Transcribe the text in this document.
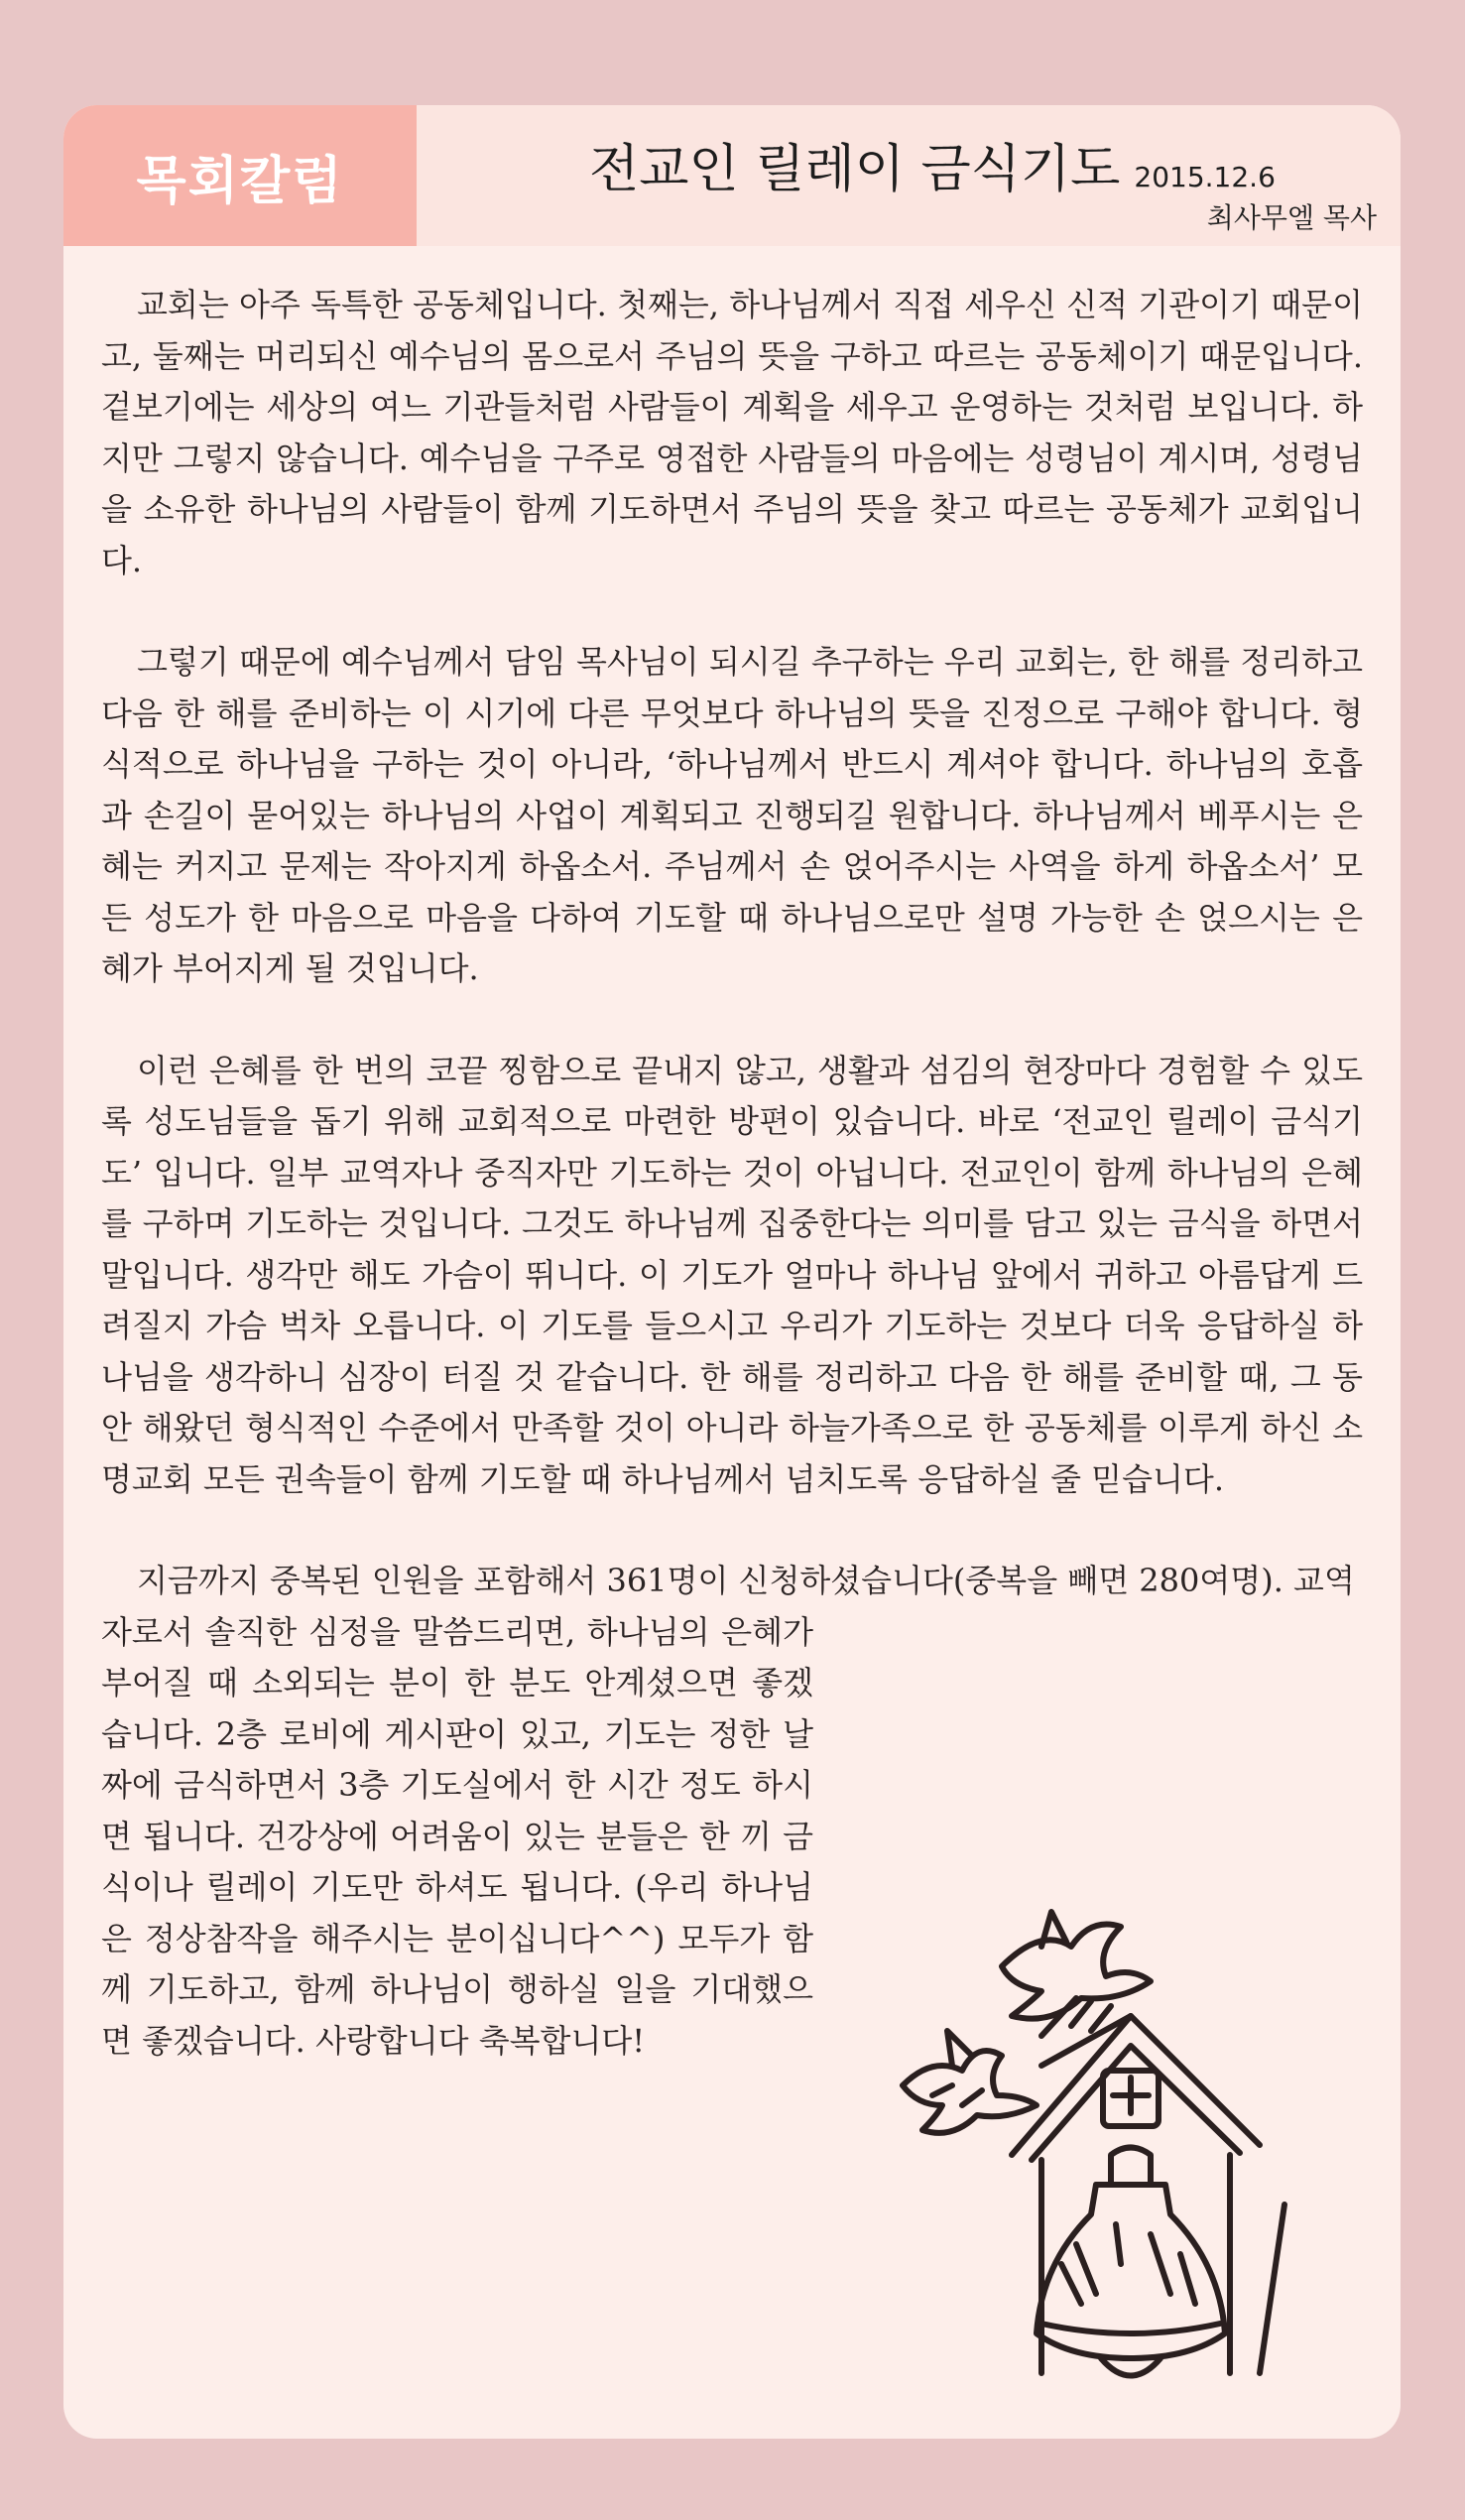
목회칼럼	전교인 릴레이 금식기도 2015.12.6
최사무엘 목사

교회는 아주 독특한 공동체입니다. 첫째는, 하나님께서 직접 세우신 신적 기관이기 때문이고, 둘째는 머리되신 예수님의 몸으로서 주님의 뜻을 구하고 따르는 공동체이기 때문입니다. 겉보기에는 세상의 여느 기관들처럼 사람들이 계획을 세우고 운영하는 것처럼 보입니다. 하지만 그렇지 않습니다. 예수님을 구주로 영접한 사람들의 마음에는 성령님이 계시며, 성령님을 소유한 하나님의 사람들이 함께 기도하면서 주님의 뜻을 찾고 따르는 공동체가 교회입니다.

그렇기 때문에 예수님께서 담임 목사님이 되시길 추구하는 우리 교회는, 한 해를 정리하고 다음 한 해를 준비하는 이 시기에 다른 무엇보다 하나님의 뜻을 진정으로 구해야 합니다. 형식적으로 하나님을 구하는 것이 아니라, ‘하나님께서 반드시 계셔야 합니다. 하나님의 호흡과 손길이 묻어있는 하나님의 사업이 계획되고 진행되길 원합니다. 하나님께서 베푸시는 은혜는 커지고 문제는 작아지게 하옵소서. 주님께서 손 얹어주시는 사역을 하게 하옵소서’ 모든 성도가 한 마음으로 마음을 다하여 기도할 때 하나님으로만 설명 가능한 손 얹으시는 은혜가 부어지게 될 것입니다.

이런 은혜를 한 번의 코끝 찡함으로 끝내지 않고, 생활과 섬김의 현장마다 경험할 수 있도록 성도님들을 돕기 위해 교회적으로 마련한 방편이 있습니다. 바로 ‘전교인 릴레이 금식기도’ 입니다. 일부 교역자나 중직자만 기도하는 것이 아닙니다. 전교인이 함께 하나님의 은혜를 구하며 기도하는 것입니다. 그것도 하나님께 집중한다는 의미를 담고 있는 금식을 하면서 말입니다. 생각만 해도 가슴이 뛰니다. 이 기도가 얼마나 하나님 앞에서 귀하고 아름답게 드려질지 가슴 벅차 오릅니다. 이 기도를 들으시고 우리가 기도하는 것보다 더욱 응답하실 하나님을 생각하니 심장이 터질 것 같습니다. 한 해를 정리하고 다음 한 해를 준비할 때, 그 동안 해왔던 형식적인 수준에서 만족할 것이 아니라 하늘가족으로 한 공동체를 이루게 하신 소명교회 모든 권속들이 함께 기도할 때 하나님께서 넘치도록 응답하실 줄 믿습니다.

지금까지 중복된 인원을 포함해서 361명이 신청하셨습니다(중복을 빼면 280여명). 교역
자로서 솔직한 심정을 말씀드리면, 하나님의 은혜가 부어질 때 소외되는 분이 한 분도 안계셨으면 좋겠습니다. 2층 로비에 게시판이 있고, 기도는 정한 날짜에 금식하면서 3층 기도실에서 한 시간 정도 하시면 됩니다. 건강상에 어려움이 있는 분들은 한 끼 금식이나 릴레이 기도만 하셔도 됩니다. (우리 하나님은 정상참작을 해주시는 분이십니다^^) 모두가 함께 기도하고, 함께 하나님이 행하실 일을 기대했으면 좋겠습니다. 사랑합니다 축복합니다!
